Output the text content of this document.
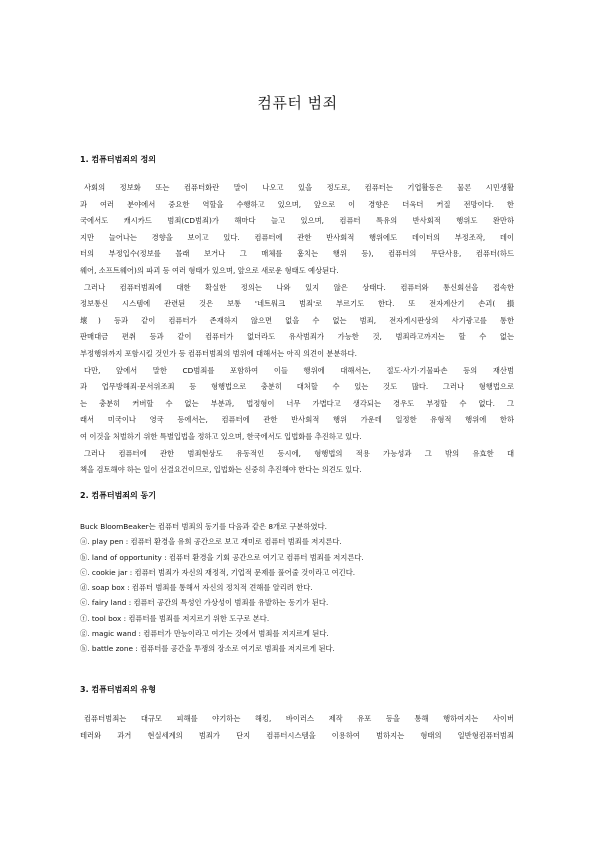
컴퓨터 범죄
1. 컴퓨터범죄의 정의
사회의 정보화 또는 컴퓨터화란 말이 나오고 있을 정도로, 컴퓨터는 기업활동은 물론 시민생활
과 여러 분야에서 중요한 역할을 수행하고 있으며, 앞으로 이 경향은 더욱더 커질 전망이다. 한
국에서도 캐시카드 범죄(CD범죄)가 해마다 늘고 있으며, 컴퓨터 특유의 반사회적 행위도 완만하
지만 늘어나는 경향을 보이고 있다. 컴퓨터에 관한 반사회적 행위에도 데이터의 부정조작, 데이
터의 부정입수(정보를 몰래 보거나 그 매체를 훔치는 행위 등), 컴퓨터의 무단사용, 컴퓨터(하드
웨어, 소프트웨어)의 파괴 등 여러 형태가 있으며, 앞으로 새로운 형태도 예상된다.
그러나 컴퓨터범죄에 대한 확실한 정의는 나와 있지 않은 상태다. 컴퓨터와 통신회선을 접속한
정보통신 시스템에 관련된 것은 보통 '네트워크 범죄'로 부르기도 한다. 또 전자계산기 손괴(損
壞) 등과 같이 컴퓨터가 존재하지 않으면 없을 수 없는 범죄, 전자게시판상의 사기광고를 통한
판매대금 편취 등과 같이 컴퓨터가 없더라도 유사범죄가 가능한 것, 범죄라고까지는 할 수 없는
부정행위까지 포함시킬 것인가 등 컴퓨터범죄의 범위에 대해서는 아직 의견이 분분하다.
다만, 앞에서 말한 CD범죄를 포함하여 이들 행위에 대해서는, 절도·사기·기물파손 등의 재산범
과 업무방해죄·문서위조죄 등 형행법으로 충분히 대처할 수 있는 것도 많다. 그러나 형행법으로
는 충분히 커버할 수 없는 부분과, 법정형이 너무 가볍다고 생각되는 경우도 부정할 수 없다. 그
래서 미국이나 영국 등에서는, 컴퓨터에 관한 반사회적 행위 가운데 일정한 유형적 행위에 한하
여 이것을 처벌하기 위한 특별입법을 정하고 있으며, 한국에서도 입법화를 추진하고 있다.
그러나 컴퓨터에 관한 범죄현상도 유동적인 동시에, 형행법의 적용 가능성과 그 밖의 유효한 대
책을 검토해야 하는 일이 선결요건이므로, 입법화는 신중히 추진해야 한다는 의견도 있다.
2. 컴퓨터범죄의 동기
Buck BloomBeaker는 컴퓨터 범죄의 동기를 다음과 같은 8개로 구분하였다.
ⓐ. play pen : 컴퓨터 환경을 유희 공간으로 보고 재미로 컴퓨터 범죄를 저지른다.
ⓑ. land of opportunity : 컴퓨터 환경을 기회 공간으로 여기고 컴퓨터 범죄를 저지른다.
ⓒ. cookie jar : 컴퓨터 범죄가 자신의 재정적, 기업적 문제를 풀어줄 것이라고 여긴다.
ⓓ. soap box : 컴퓨터 범죄를 통해서 자신의 정치적 견해를 알리려 한다.
ⓔ. fairy land : 컴퓨터 공간의 특성인 가상성이 범죄를 유발하는 동기가 된다.
ⓕ. tool box : 컴퓨터를 범죄를 저지르기 위한 도구로 본다.
ⓖ. magic wand : 컴퓨터가 만능이라고 여기는 것에서 범죄를 저지르게 된다.
ⓗ. battle zone : 컴퓨터를 공간을 투쟁의 장소로 여기로 범죄를 저지르게 된다.
3. 컴퓨터범죄의 유형
컴퓨터범죄는 대규모 피해를 야기하는 해킹, 바이러스 제작 유포 등을 통해 행하여지는 사이버
테러와 과거 현실세계의 범죄가 단지 컴퓨터시스템을 이용하여 범하지는 형태의 일반형컴퓨터범죄
